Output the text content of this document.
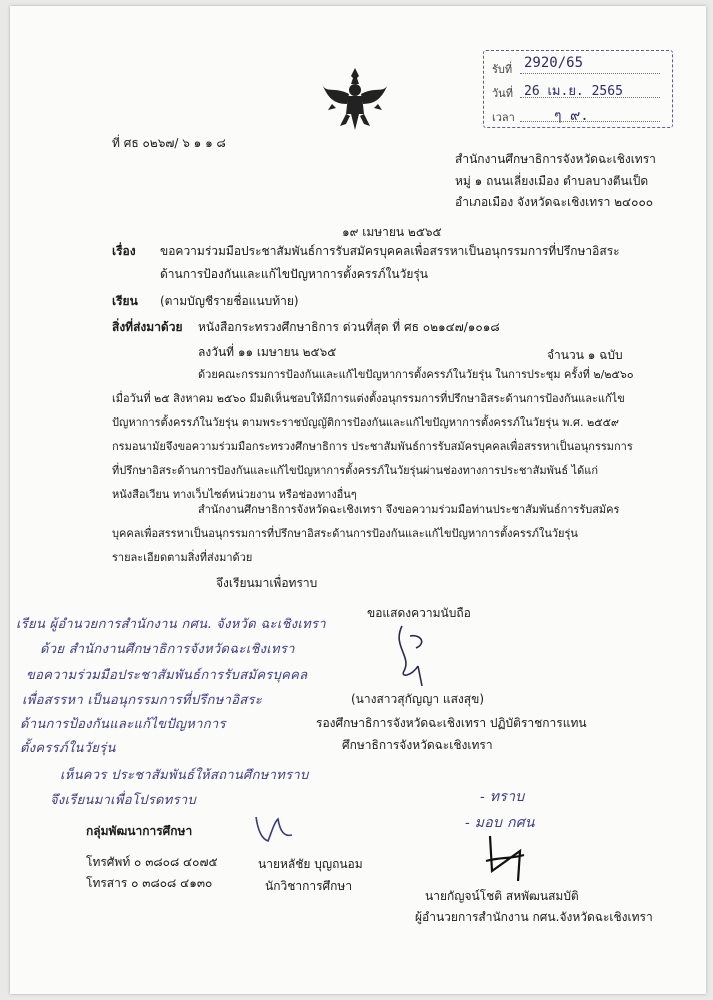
รับที่ 2920/65
วันที่ 26 เม.ย. 2565
เวลา	ๆ ๙.
ที่ ศธ ๐๒๖๗/ ๖ ๑ ๑ ๘
สำนักงานศึกษาธิการจังหวัดฉะเชิงเทรา
หมู่ ๑ ถนนเลี่ยงเมือง ตำบลบางตีนเป็ด
อำเภอเมือง จังหวัดฉะเชิงเทรา ๒๔๐๐๐
๑๙ เมษายน ๒๕๖๕
เรื่อง ขอความร่วมมือประชาสัมพันธ์การรับสมัครบุคคลเพื่อสรรหาเป็นอนุกรรมการที่ปรึกษาอิสระ
ด้านการป้องกันและแก้ไขปัญหาการตั้งครรภ์ในวัยรุ่น
เรียน (ตามบัญชีรายชื่อแนบท้าย)
สิ่งที่ส่งมาด้วย หนังสือกระทรวงศึกษาธิการ ด่วนที่สุด ที่ ศธ ๐๒๑๔๗/๑๐๑๘
ลงวันที่ ๑๑ เมษายน ๒๕๖๕	จำนวน ๑ ฉบับ
ด้วยคณะกรรมการป้องกันและแก้ไขปัญหาการตั้งครรภ์ในวัยรุ่น ในการประชุม ครั้งที่ ๒/๒๕๖๐
เมื่อวันที่ ๒๕ สิงหาคม ๒๕๖๐ มีมติเห็นชอบให้มีการแต่งตั้งอนุกรรมการที่ปรึกษาอิสระด้านการป้องกันและแก้ไข
ปัญหาการตั้งครรภ์ในวัยรุ่น ตามพระราชบัญญัติการป้องกันและแก้ไขปัญหาการตั้งครรภ์ในวัยรุ่น พ.ศ. ๒๕๕๙
กรมอนามัยจึงขอความร่วมมือกระทรวงศึกษาธิการ ประชาสัมพันธ์การรับสมัครบุคคลเพื่อสรรหาเป็นอนุกรรมการ
ที่ปรึกษาอิสระด้านการป้องกันและแก้ไขปัญหาการตั้งครรภ์ในวัยรุ่นผ่านช่องทางการประชาสัมพันธ์ ได้แก่
หนังสือเวียน ทางเว็บไซต์หน่วยงาน หรือช่องทางอื่นๆ
สำนักงานศึกษาธิการจังหวัดฉะเชิงเทรา จึงขอความร่วมมือท่านประชาสัมพันธ์การรับสมัคร
บุคคลเพื่อสรรหาเป็นอนุกรรมการที่ปรึกษาอิสระด้านการป้องกันและแก้ไขปัญหาการตั้งครรภ์ในวัยรุ่น
รายละเอียดตามสิ่งที่ส่งมาด้วย
จึงเรียนมาเพื่อทราบ
ขอแสดงความนับถือ
(นางสาวสุกัญญา แสงสุข)
รองศึกษาธิการจังหวัดฉะเชิงเทรา ปฏิบัติราชการแทน
ศึกษาธิการจังหวัดฉะเชิงเทรา
เรียน ผู้อำนวยการสำนักงาน กศน. จังหวัด ฉะเชิงเทรา
ด้วย สำนักงานศึกษาธิการจังหวัดฉะเชิงเทรา
ขอความร่วมมือประชาสัมพันธ์การรับสมัครบุคคล
เพื่อสรรหา เป็นอนุกรรมการที่ปรึกษาอิสระ
ด้านการป้องกันและแก้ไขปัญหาการ
ตั้งครรภ์ในวัยรุ่น
เห็นควร ประชาสัมพันธ์ให้สถานศึกษาทราบ
จึงเรียนมาเพื่อโปรดทราบ	- ทราบ
- มอบ กศน
กลุ่มพัฒนาการศึกษา
โทรศัพท์ ๐ ๓๘๐๘ ๔๐๗๕
โทรสาร ๐ ๓๘๐๘ ๔๑๓๐
นายหลัชัย บุญถนอม
นักวิชาการศึกษา
นายกัญจน์โชติ สหพัฒนสมบัติ
ผู้อำนวยการสำนักงาน กศน.จังหวัดฉะเชิงเทรา
